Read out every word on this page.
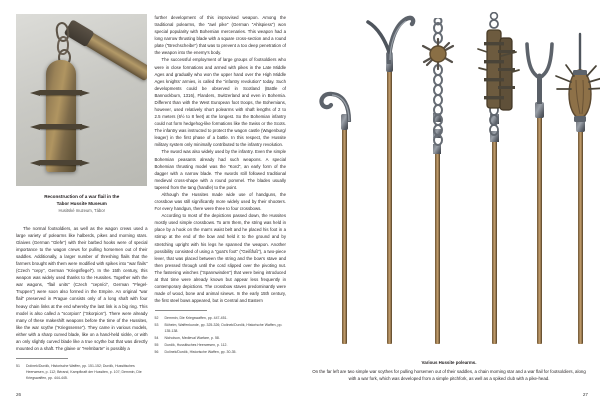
Reconstruction of a war flail in the
Tabor Hussite Museum
Husitské muzeum, Tábor

The normal footsoldiers, as well as the wagon crews used a large variety of polearms like halberds, pikes and morning stars. Glaives (German "Glefe") with their barbed hooks were of special importance to the wagon crews for pulling horsemen out of their saddles. Additionally, a larger number of threshing flails that the farmers brought with them were modified with spikes into "war flails" (Czech "cepy", German "Kriegsflegel"). In the 15th century, this weapon was widely used thanks to the Hussites. Together with the war wagons, "flail units" (Czech "cepníci", German "Flegel-Truppen") were soon also formed in the Empire. An original "war flail" preserved in Prague consists only of a long shaft with four heavy chain links at the end whereby the last link is a big ring. This model is also called a "scorpion" ("Skorpion"). There were already many of these makeshift weapons before the time of the Hussites, like the war scythe ("Kriegssense"). They came in various models, either with a sharp curved blade, like on a hand-held sickle, or with an only slightly curved blade like a true scythe but that was directly mounted on a shaft. The glaive or "Helmbarte" is possibly a

51	Dolínek/Durdík, Historische Waffen, pp. 151-152; Durdík, Hussitisches Heerwesen, p. 112; Bérand, Kampfkraft der Hussiten, p. 107; Demmin, Die Kriegswaffen, pp. 444-445.

further development of this improvised weapon. Among the traditional polearms, the "awl pike" (German "Ahlspiess") won special popularity with Bohemian mercenaries. This weapon had a long narrow thrusting blade with a square cross-section and a round plate ("Brechscheibe") that was to prevent a too deep penetration of the weapon into the enemy's body.

The successful employment of large groups of footsoldiers who were in close formations and armed with pikes in the Late Middle Ages and gradually who won the upper hand over the High Middle Ages knights' armies, is called the "infantry revolution" today. Such developments could be observed in Scotland (Battle of Bannockburn, 1316), Flanders, Switzerland and even in Bohemia. Different than with the West European foot troops, the Bohemians, however, used relatively short polearms with shaft lengths of 2 to 2.5 meters (6½ to 8 feet) at the longest. So the Bohemian infantry could not form hedgehog-like formations like the Swiss or the Scots. The infantry was instructed to protect the wagon castle (Wagenburg/ leager) in the first phase of a battle. In this respect, the Hussite military system only minimally contributed to the infantry revolution.

The sword was also widely used by the infantry. Even the simple Bohemian peasants already had such weapons. A special Bohemian thrusting model was the "Kord", an early form of the dagger with a narrow blade. The swords still followed traditional medieval cross-shape with a round pommel. The blades usually tapered from the tang (handle) to the point.

Although the Hussites made wide use of handguns, the crossbow was still significantly more widely used by their shooters. For every handgun, there were three to four crossbows.

According to most of the depictions passed down, the Hussites mostly used simple crossbows. To arm them, the string was held in place by a hook on the man's waist belt and he placed his foot in a stirrup at the end of the bow and held it to the ground and by stretching upright with his legs he spanned the weapon. Another possibility consisted of using a "goat's foot" ("Geißfuß"), a two-piece lever, that was placed between the string and the bow's stave and then pressed through until the cord slipped over the pivoting nut. The fastening winches ("Spannwinden") that were being introduced at that time were already known but appear less frequently in contemporary depictions. The crossbow staves predominantly were made of wood, bone and animal sinews. In the early 15th century, the first steel bows appeared, but in Central and Eastern

52	Demmin, Die Kriegswaffen, pp. 447-451.
53	Böheim, Waffenkunde, pp. 325-326; Dolínek/Durdík, Historische Waffen, pp. 135-138.
54	Nicholson, Medieval Warfare, p. 58.
55	Durdík, Hussitisches Heerwesen, p. 112.
56	Dolínek/Durdík, Historische Waffen, pp. 30-35.
26
Various Hussite polearms.
On the far left are two simple war scythes for pulling horsemen out of their saddles, a chain morning star and a war flail for footsoldiers, along with a war fork, which was developed from a simple pitchfork, as well as a spiked club with a pike-head.
27
